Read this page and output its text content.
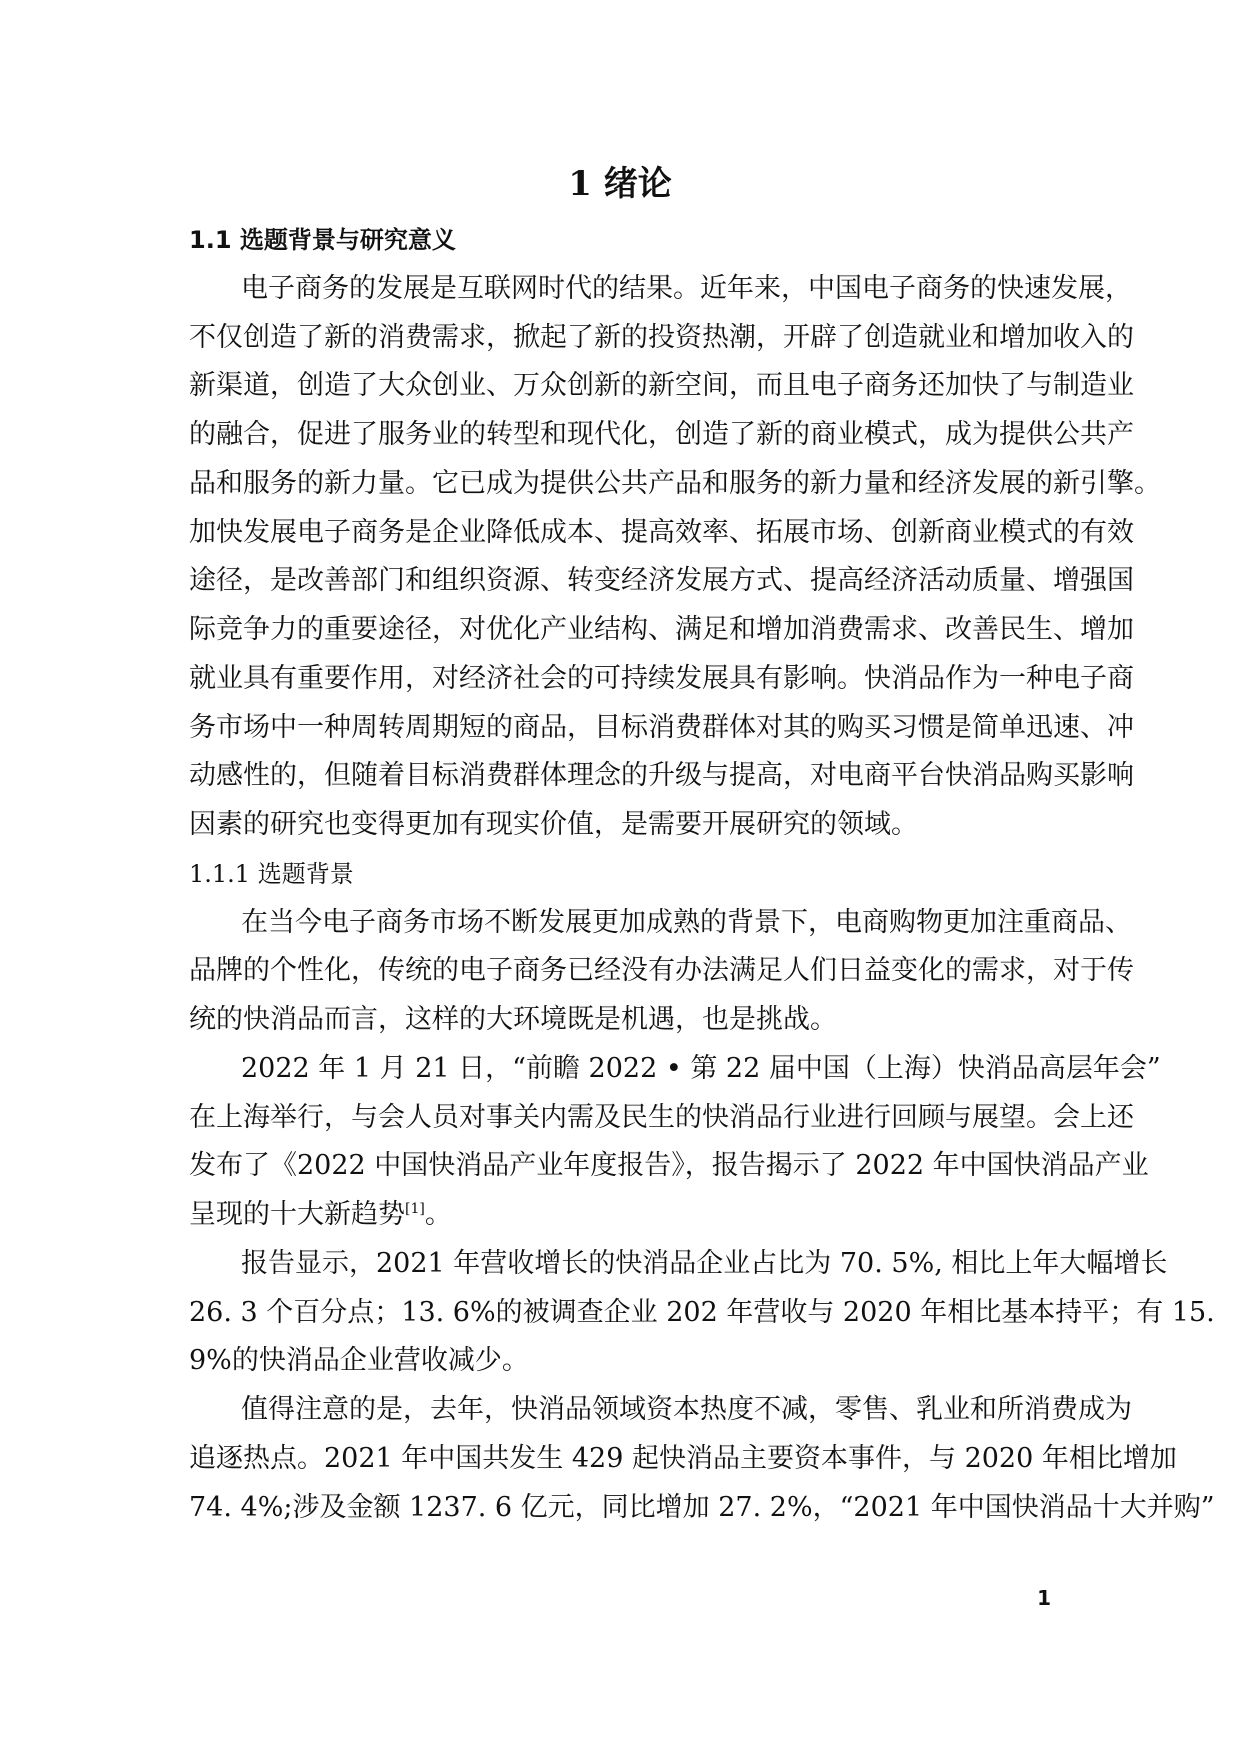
1 绪论
1.1 选题背景与研究意义
电子商务的发展是互联网时代的结果。近年来，中国电子商务的快速发展，
不仅创造了新的消费需求，掀起了新的投资热潮，开辟了创造就业和增加收入的
新渠道，创造了大众创业、万众创新的新空间，而且电子商务还加快了与制造业
的融合，促进了服务业的转型和现代化，创造了新的商业模式，成为提供公共产
品和服务的新力量。它已成为提供公共产品和服务的新力量和经济发展的新引擎。
加快发展电子商务是企业降低成本、提高效率、拓展市场、创新商业模式的有效
途径，是改善部门和组织资源、转变经济发展方式、提高经济活动质量、增强国
际竞争力的重要途径，对优化产业结构、满足和增加消费需求、改善民生、增加
就业具有重要作用，对经济社会的可持续发展具有影响。快消品作为一种电子商
务市场中一种周转周期短的商品，目标消费群体对其的购买习惯是简单迅速、冲
动感性的，但随着目标消费群体理念的升级与提高，对电商平台快消品购买影响
因素的研究也变得更加有现实价值，是需要开展研究的领域。
1.1.1 选题背景
在当今电子商务市场不断发展更加成熟的背景下，电商购物更加注重商品、
品牌的个性化，传统的电子商务已经没有办法满足人们日益变化的需求，对于传
统的快消品而言，这样的大环境既是机遇，也是挑战。
2022 年 1 月 21 日，“前瞻 2022 • 第 22 届中国（上海）快消品高层年会”
在上海举行，与会人员对事关内需及民生的快消品行业进行回顾与展望。会上还
发布了《2022 中国快消品产业年度报告》，报告揭示了 2022 年中国快消品产业
呈现的十大新趋势[1]。
报告显示，2021 年营收增长的快消品企业占比为 70. 5%, 相比上年大幅增长
26. 3 个百分点；13. 6%的被调查企业 202 年营收与 2020 年相比基本持平；有 15.
9%的快消品企业营收减少。
值得注意的是，去年，快消品领域资本热度不减，零售、乳业和所消费成为
追逐热点。2021 年中国共发生 429 起快消品主要资本事件，与 2020 年相比增加
74. 4%;涉及金额 1237. 6 亿元，同比增加 27. 2%，“2021 年中国快消品十大并购”
1
